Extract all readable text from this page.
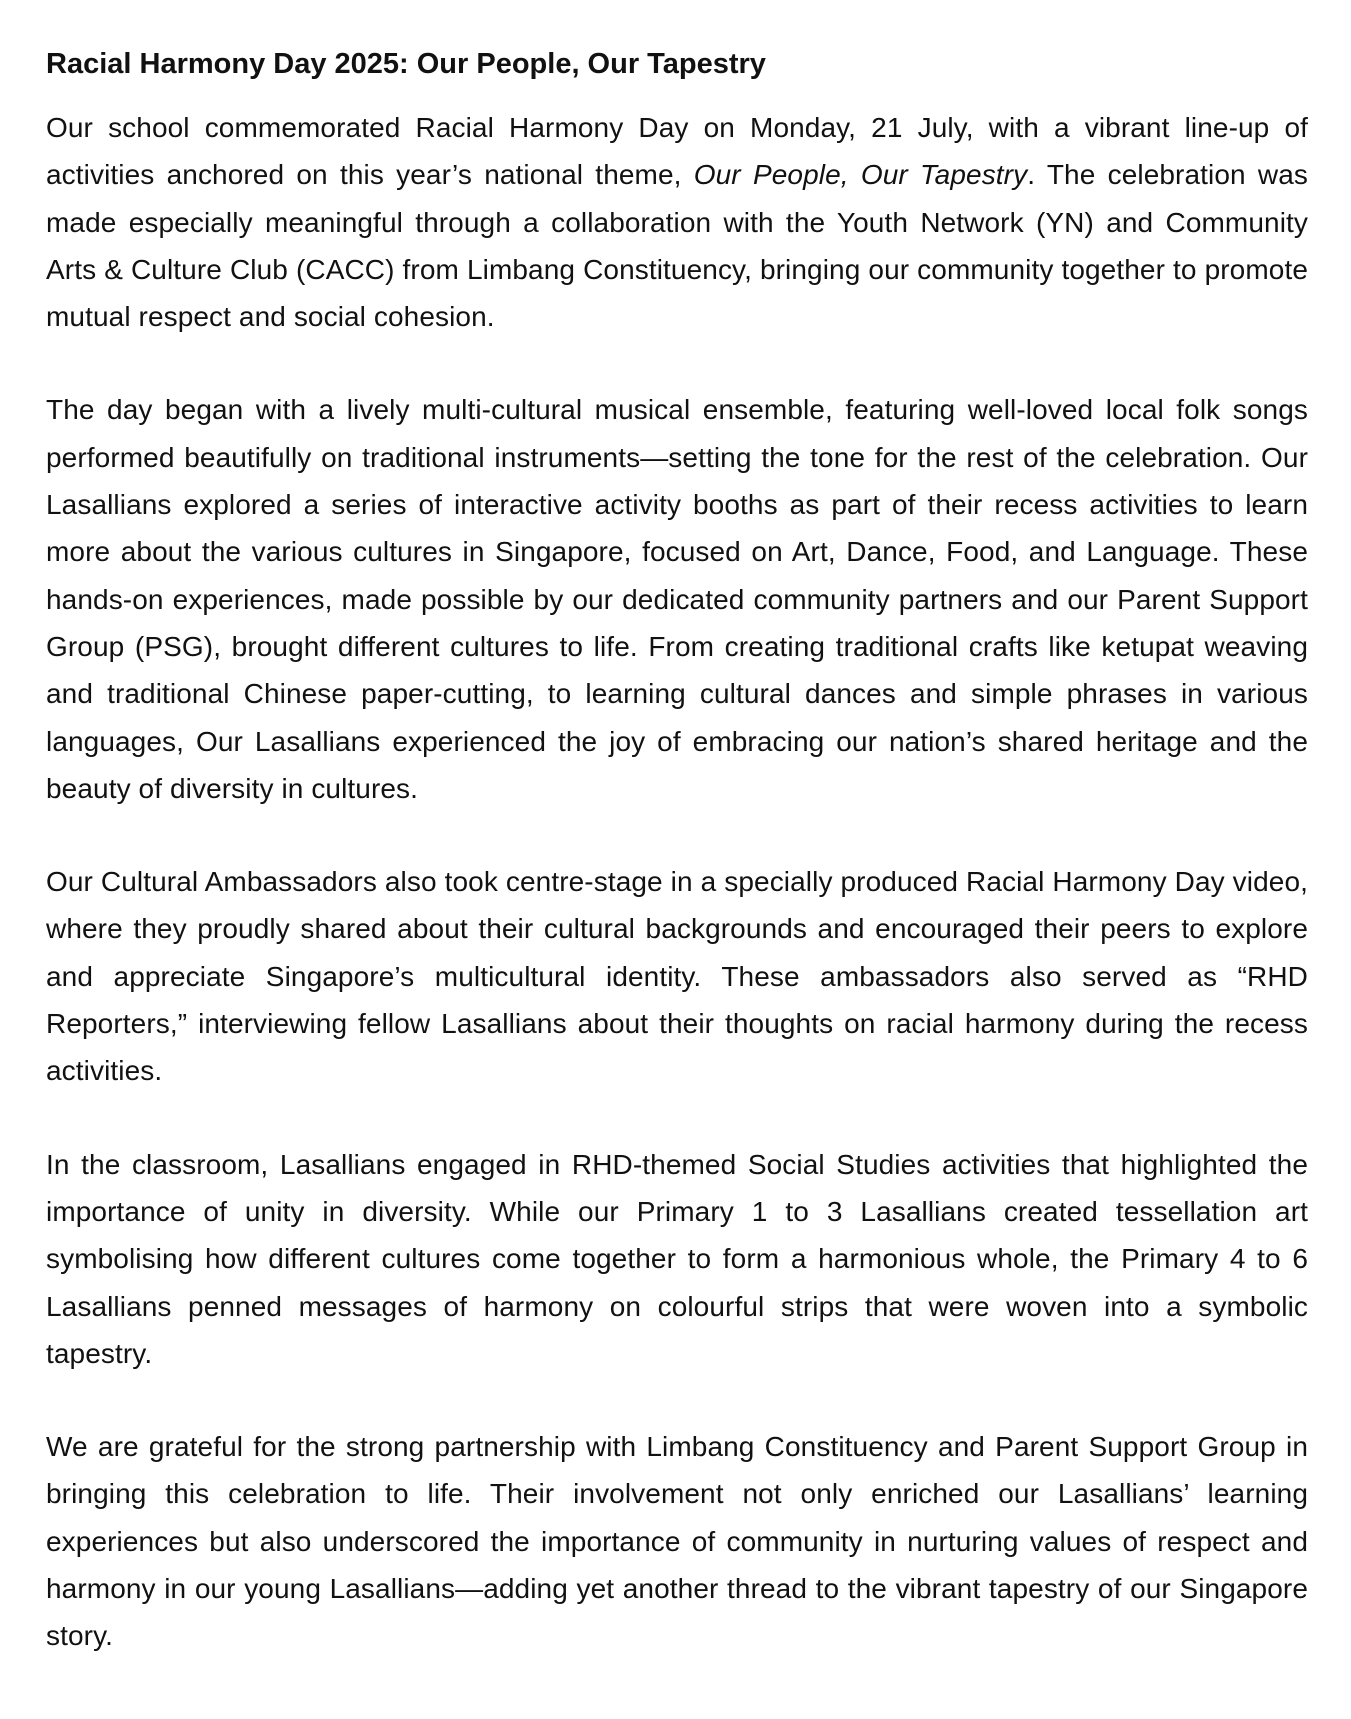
Racial Harmony Day 2025: Our People, Our Tapestry

Our school commemorated Racial Harmony Day on Monday, 21 July, with a vibrant line-up of activities anchored on this year’s national theme, Our People, Our Tapestry. The celebration was made especially meaningful through a collaboration with the Youth Network (YN) and Community Arts & Culture Club (CACC) from Limbang Constituency, bringing our community together to promote mutual respect and social cohesion.

The day began with a lively multi-cultural musical ensemble, featuring well-loved local folk songs performed beautifully on traditional instruments—setting the tone for the rest of the celebration. Our Lasallians explored a series of interactive activity booths as part of their recess activities to learn more about the various cultures in Singapore, focused on Art, Dance, Food, and Language. These hands-on experiences, made possible by our dedicated community partners and our Parent Support Group (PSG), brought different cultures to life. From creating traditional crafts like ketupat weaving and traditional Chinese paper-cutting, to learning cultural dances and simple phrases in various languages, Our Lasallians experienced the joy of embracing our nation’s shared heritage and the beauty of diversity in cultures.

Our Cultural Ambassadors also took centre-stage in a specially produced Racial Harmony Day video, where they proudly shared about their cultural backgrounds and encouraged their peers to explore and appreciate Singapore’s multicultural identity. These ambassadors also served as “RHD Reporters,” interviewing fellow Lasallians about their thoughts on racial harmony during the recess activities.

In the classroom, Lasallians engaged in RHD-themed Social Studies activities that highlighted the importance of unity in diversity. While our Primary 1 to 3 Lasallians created tessellation art symbolising how different cultures come together to form a harmonious whole, the Primary 4 to 6 Lasallians penned messages of harmony on colourful strips that were woven into a symbolic tapestry.

We are grateful for the strong partnership with Limbang Constituency and Parent Support Group in bringing this celebration to life. Their involvement not only enriched our Lasallians’ learning experiences but also underscored the importance of community in nurturing values of respect and harmony in our young Lasallians—adding yet another thread to the vibrant tapestry of our Singapore story.
